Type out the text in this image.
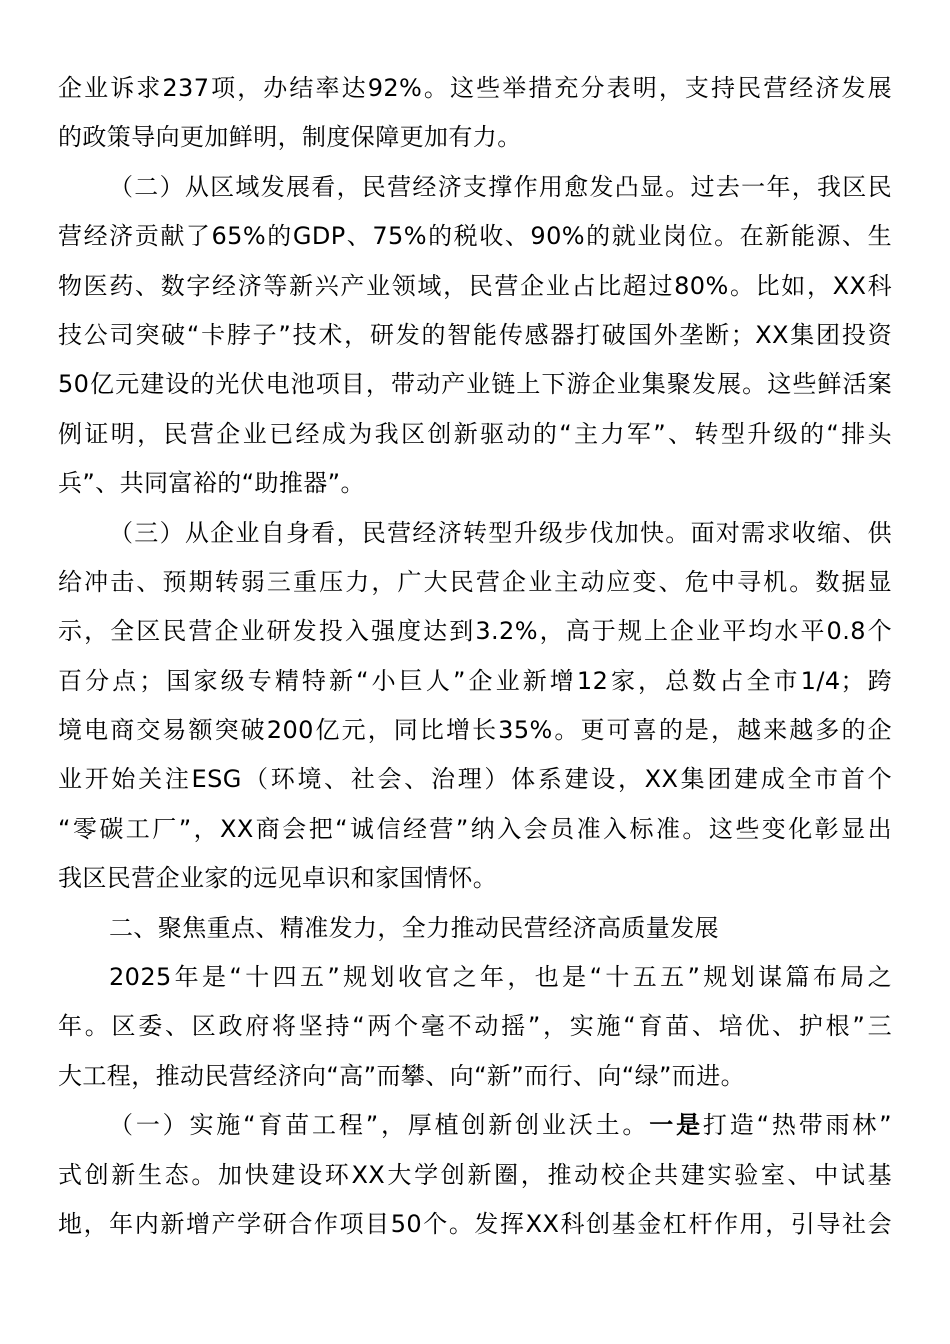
企业诉求237项，办结率达92%。这些举措充分表明，支持民营经济发展
的政策导向更加鲜明，制度保障更加有力。
（二）从区域发展看，民营经济支撑作用愈发凸显。过去一年，我区民
营经济贡献了65%的GDP、75%的税收、90%的就业岗位。在新能源、生
物医药、数字经济等新兴产业领域，民营企业占比超过80%。比如，XX科
技公司突破“卡脖子”技术，研发的智能传感器打破国外垄断；XX集团投资
50亿元建设的光伏电池项目，带动产业链上下游企业集聚发展。这些鲜活案
例证明，民营企业已经成为我区创新驱动的“主力军”、转型升级的“排头
兵”、共同富裕的“助推器”。
（三）从企业自身看，民营经济转型升级步伐加快。面对需求收缩、供
给冲击、预期转弱三重压力，广大民营企业主动应变、危中寻机。数据显
示，全区民营企业研发投入强度达到3.2%，高于规上企业平均水平0.8个
百分点；国家级专精特新“小巨人”企业新增12家，总数占全市1/4；跨
境电商交易额突破200亿元，同比增长35%。更可喜的是，越来越多的企
业开始关注ESG（环境、社会、治理）体系建设，XX集团建成全市首个
“零碳工厂”，XX商会把“诚信经营”纳入会员准入标准。这些变化彰显出
我区民营企业家的远见卓识和家国情怀。
二、聚焦重点、精准发力，全力推动民营经济高质量发展
2025年是“十四五”规划收官之年，也是“十五五”规划谋篇布局之
年。区委、区政府将坚持“两个毫不动摇”，实施“育苗、培优、护根”三
大工程，推动民营经济向“高”而攀、向“新”而行、向“绿”而进。
（一）实施“育苗工程”，厚植创新创业沃土。一是打造“热带雨林”
式创新生态。加快建设环XX大学创新圈，推动校企共建实验室、中试基
地，年内新增产学研合作项目50个。发挥XX科创基金杠杆作用，引导社会
